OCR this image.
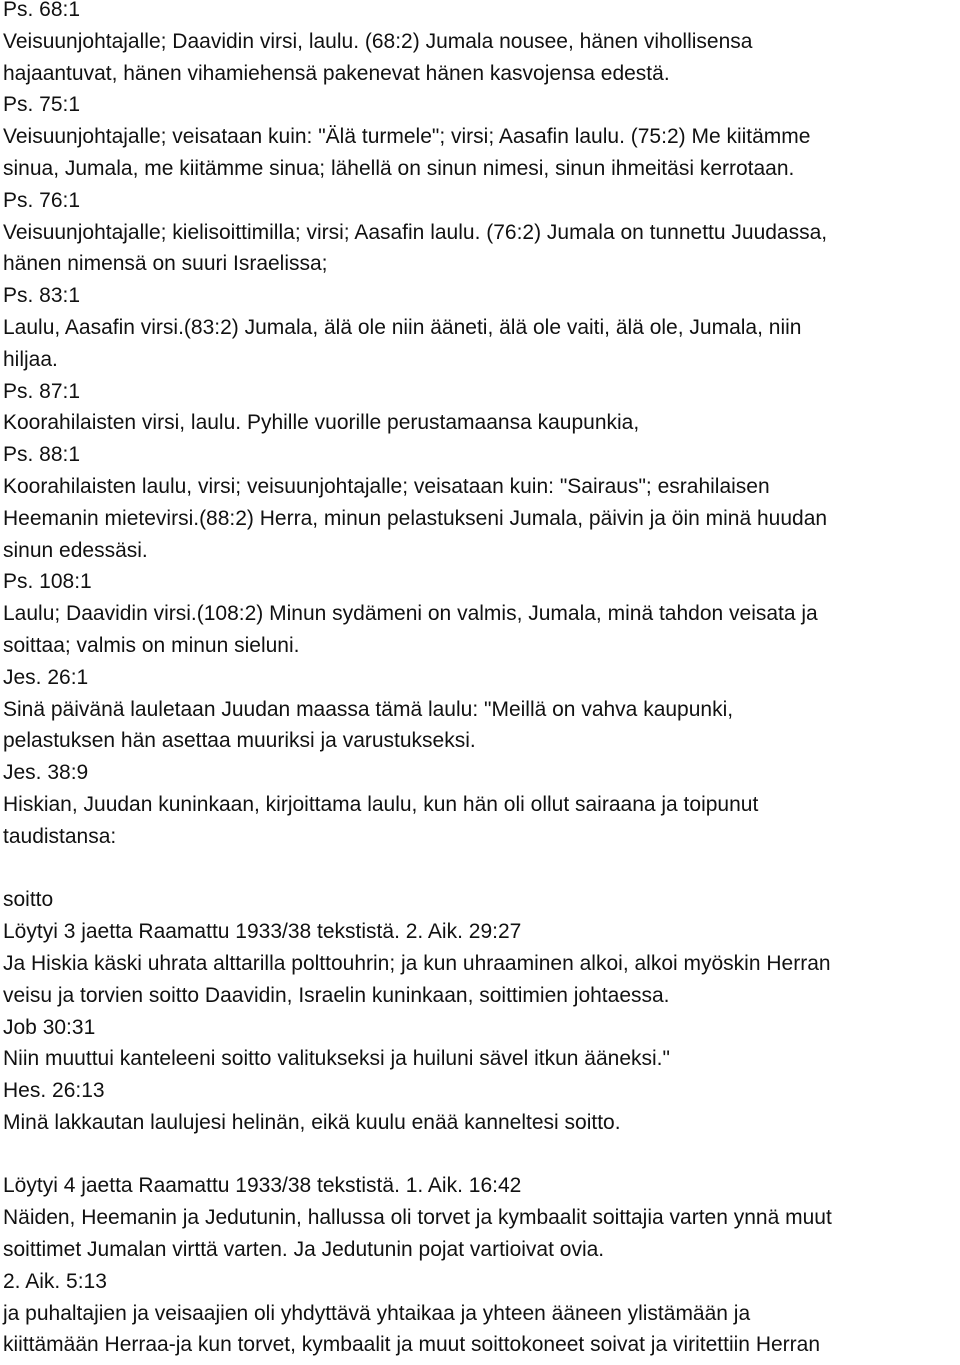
Ps. 68:1
Veisuunjohtajalle; Daavidin virsi, laulu. (68:2) Jumala nousee, hänen vihollisensa
hajaantuvat, hänen vihamiehensä pakenevat hänen kasvojensa edestä.
Ps. 75:1
Veisuunjohtajalle; veisataan kuin: "Älä turmele"; virsi; Aasafin laulu. (75:2) Me kiitämme
sinua, Jumala, me kiitämme sinua; lähellä on sinun nimesi, sinun ihmeitäsi kerrotaan.
Ps. 76:1
Veisuunjohtajalle; kielisoittimilla; virsi; Aasafin laulu. (76:2) Jumala on tunnettu Juudassa,
hänen nimensä on suuri Israelissa;
Ps. 83:1
Laulu, Aasafin virsi.(83:2) Jumala, älä ole niin ääneti, älä ole vaiti, älä ole, Jumala, niin
hiljaa.
Ps. 87:1
Koorahilaisten virsi, laulu. Pyhille vuorille perustamaansa kaupunkia,
Ps. 88:1
Koorahilaisten laulu, virsi; veisuunjohtajalle; veisataan kuin: "Sairaus"; esrahilaisen
Heemanin mietevirsi.(88:2) Herra, minun pelastukseni Jumala, päivin ja öin minä huudan
sinun edessäsi.
Ps. 108:1
Laulu; Daavidin virsi.(108:2) Minun sydämeni on valmis, Jumala, minä tahdon veisata ja
soittaa; valmis on minun sieluni.
Jes. 26:1
Sinä päivänä lauletaan Juudan maassa tämä laulu: "Meillä on vahva kaupunki,
pelastuksen hän asettaa muuriksi ja varustukseksi.
Jes. 38:9
Hiskian, Juudan kuninkaan, kirjoittama laulu, kun hän oli ollut sairaana ja toipunut
taudistansa:
soitto
Löytyi 3 jaetta Raamattu 1933/38 tekstistä. 2. Aik. 29:27
Ja Hiskia käski uhrata alttarilla polttouhrin; ja kun uhraaminen alkoi, alkoi myöskin Herran
veisu ja torvien soitto Daavidin, Israelin kuninkaan, soittimien johtaessa.
Job 30:31
Niin muuttui kanteleeni soitto valitukseksi ja huiluni sävel itkun ääneksi."
Hes. 26:13
Minä lakkautan laulujesi helinän, eikä kuulu enää kanneltesi soitto.
Löytyi 4 jaetta Raamattu 1933/38 tekstistä. 1. Aik. 16:42
Näiden, Heemanin ja Jedutunin, hallussa oli torvet ja kymbaalit soittajia varten ynnä muut
soittimet Jumalan virttä varten. Ja Jedutunin pojat vartioivat ovia.
2. Aik. 5:13
ja puhaltajien ja veisaajien oli yhdyttävä yhtaikaa ja yhteen ääneen ylistämään ja
kiittämään Herraa-ja kun torvet, kymbaalit ja muut soittokoneet soivat ja viritettiin Herran
